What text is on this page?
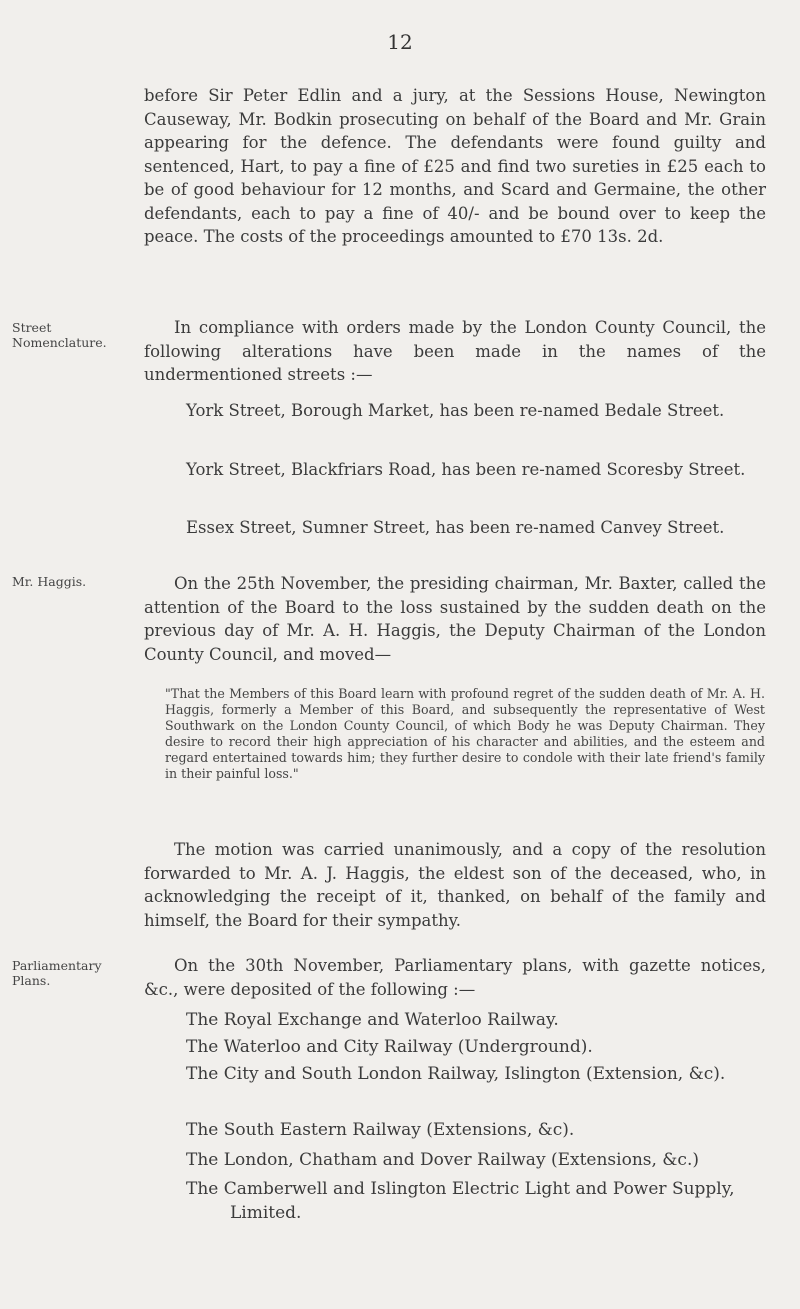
12

before Sir Peter Edlin and a jury, at the Sessions House, Newington Causeway, Mr. Bodkin prosecuting on behalf of the Board and Mr. Grain appearing for the defence. The defendants were found guilty and sentenced, Hart, to pay a fine of £25 and find two sureties in £25 each to be of good behaviour for 12 months, and Scard and Germaine, the other defendants, each to pay a fine of 40/- and be bound over to keep the peace. The costs of the proceedings amounted to £70 13s. 2d.

Street Nomenclature.

In compliance with orders made by the London County Council, the following alterations have been made in the names of the undermentioned streets :—

York Street, Borough Market, has been re-named Bedale Street.

York Street, Blackfriars Road, has been re-named Scoresby Street.

Essex Street, Sumner Street, has been re-named Canvey Street.

Mr. Haggis.	On the 25th November, the presiding chairman, Mr. Baxter, called the attention of the Board to the loss sustained by the sudden death on the previous day of Mr. A. H. Haggis, the Deputy Chairman of the London County Council, and moved—

"That the Members of this Board learn with profound regret of the sudden death of Mr. A. H. Haggis, formerly a Member of this Board, and subsequently the representative of West Southwark on the London County Council, of which Body he was Deputy Chairman. They desire to record their high appreciation of his character and abilities, and the esteem and regard entertained towards him; they further desire to condole with their late friend's family in their painful loss."

The motion was carried unanimously, and a copy of the resolution forwarded to Mr. A. J. Haggis, the eldest son of the deceased, who, in acknowledging the receipt of it, thanked, on behalf of the family and himself, the Board for their sympathy.

Parliamentary Plans.

On the 30th November, Parliamentary plans, with gazette notices, &c., were deposited of the following :—

The Royal Exchange and Waterloo Railway.

The Waterloo and City Railway (Underground).

The City and South London Railway, Islington (Extension, &c).

The South Eastern Railway (Extensions, &c).

The London, Chatham and Dover Railway (Extensions, &c.)

The Camberwell and Islington Electric Light and Power Supply, Limited.
